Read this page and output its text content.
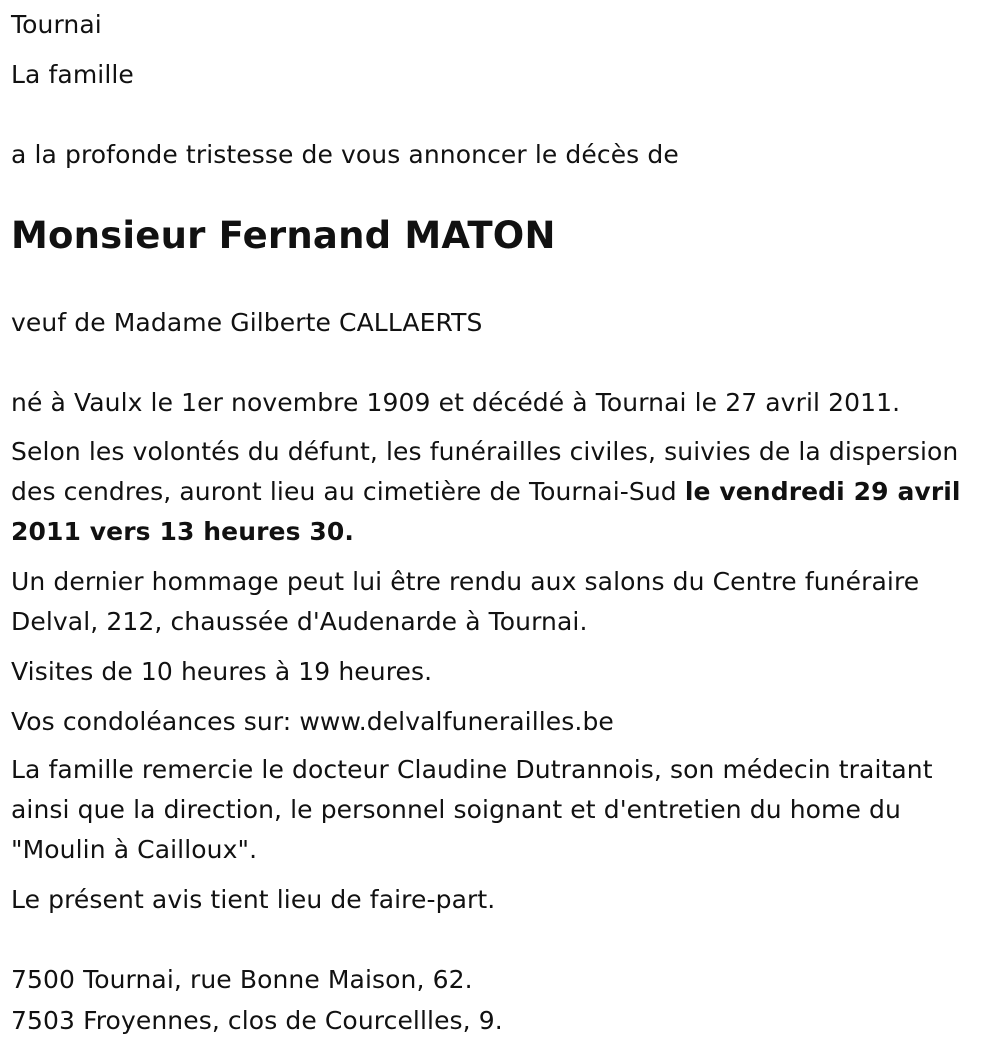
Tournai
La famille
a la profonde tristesse de vous annoncer le décès de
Monsieur Fernand MATON
veuf de Madame Gilberte CALLAERTS
né à Vaulx le 1er novembre 1909 et décédé à Tournai le 27 avril 2011.
Selon les volontés du défunt, les funérailles civiles, suivies de la dispersion des cendres, auront lieu au cimetière de Tournai-Sud le vendredi 29 avril 2011 vers 13 heures 30.
Un dernier hommage peut lui être rendu aux salons du Centre funéraire Delval, 212, chaussée d'Audenarde à Tournai.
Visites de 10 heures à 19 heures.
Vos condoléances sur: www.delvalfunerailles.be
La famille remercie le docteur Claudine Dutrannois, son médecin traitant ainsi que la direction, le personnel soignant et d'entretien du home du "Moulin à Cailloux".
Le présent avis tient lieu de faire-part.
7500 Tournai, rue Bonne Maison, 62.
7503 Froyennes, clos de Courcellles, 9.
